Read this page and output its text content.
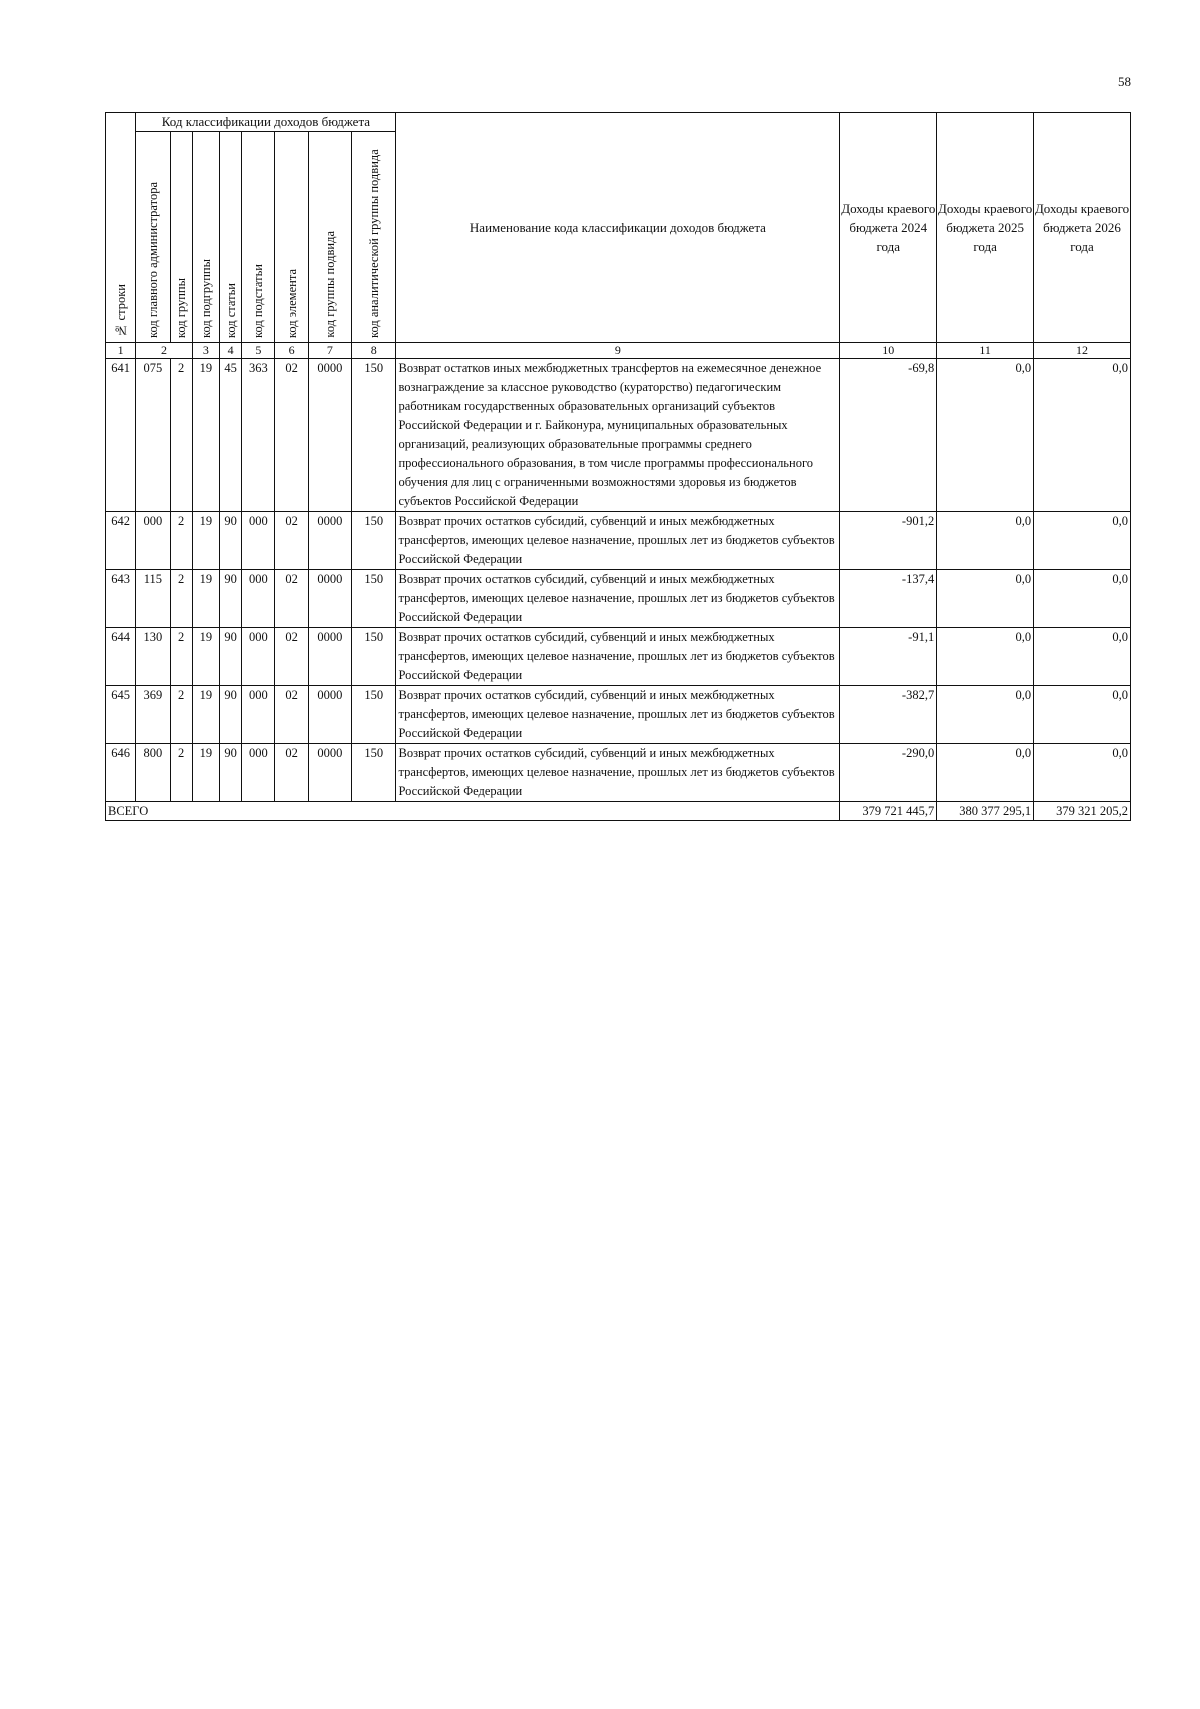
58
№ строки	Код классификации доходов бюджета								Наименование кода классификации доходов бюджета	Доходы краевого бюджета 2024 года	Доходы краевого бюджета 2025 года	Доходы краевого бюджета 2026 года
	код главного администратора	код группы	код подгруппы	код статьи	код подстатьи	код элемента	код группы подвида	код аналитической группы подвида				
1	2		3	4	5	6	7	8	9	10	11	12
641	075	2	19	45	363	02	0000	150	Возврат остатков иных межбюджетных трансфертов на ежемесячное денежное вознаграждение за классное руководство (кураторство) педагогическим работникам государственных образовательных организаций субъектов Российской Федерации и г. Байконура, муниципальных образовательных организаций, реализующих образовательные программы среднего профессионального образования, в том числе программы профессионального обучения для лиц с ограниченными возможностями здоровья из бюджетов субъектов Российской Федерации	-69,8	0,0	0,0
642	000	2	19	90	000	02	0000	150	Возврат прочих остатков субсидий, субвенций и иных межбюджетных трансфертов, имеющих целевое назначение, прошлых лет из бюджетов субъектов Российской Федерации	-901,2	0,0	0,0
643	115	2	19	90	000	02	0000	150	Возврат прочих остатков субсидий, субвенций и иных межбюджетных трансфертов, имеющих целевое назначение, прошлых лет из бюджетов субъектов Российской Федерации	-137,4	0,0	0,0
644	130	2	19	90	000	02	0000	150	Возврат прочих остатков субсидий, субвенций и иных межбюджетных трансфертов, имеющих целевое назначение, прошлых лет из бюджетов субъектов Российской Федерации	-91,1	0,0	0,0
645	369	2	19	90	000	02	0000	150	Возврат прочих остатков субсидий, субвенций и иных межбюджетных трансфертов, имеющих целевое назначение, прошлых лет из бюджетов субъектов Российской Федерации	-382,7	0,0	0,0
646	800	2	19	90	000	02	0000	150	Возврат прочих остатков субсидий, субвенций и иных межбюджетных трансфертов, имеющих целевое назначение, прошлых лет из бюджетов субъектов Российской Федерации	-290,0	0,0	0,0
ВСЕГО										379 721 445,7	380 377 295,1	379 321 205,2
